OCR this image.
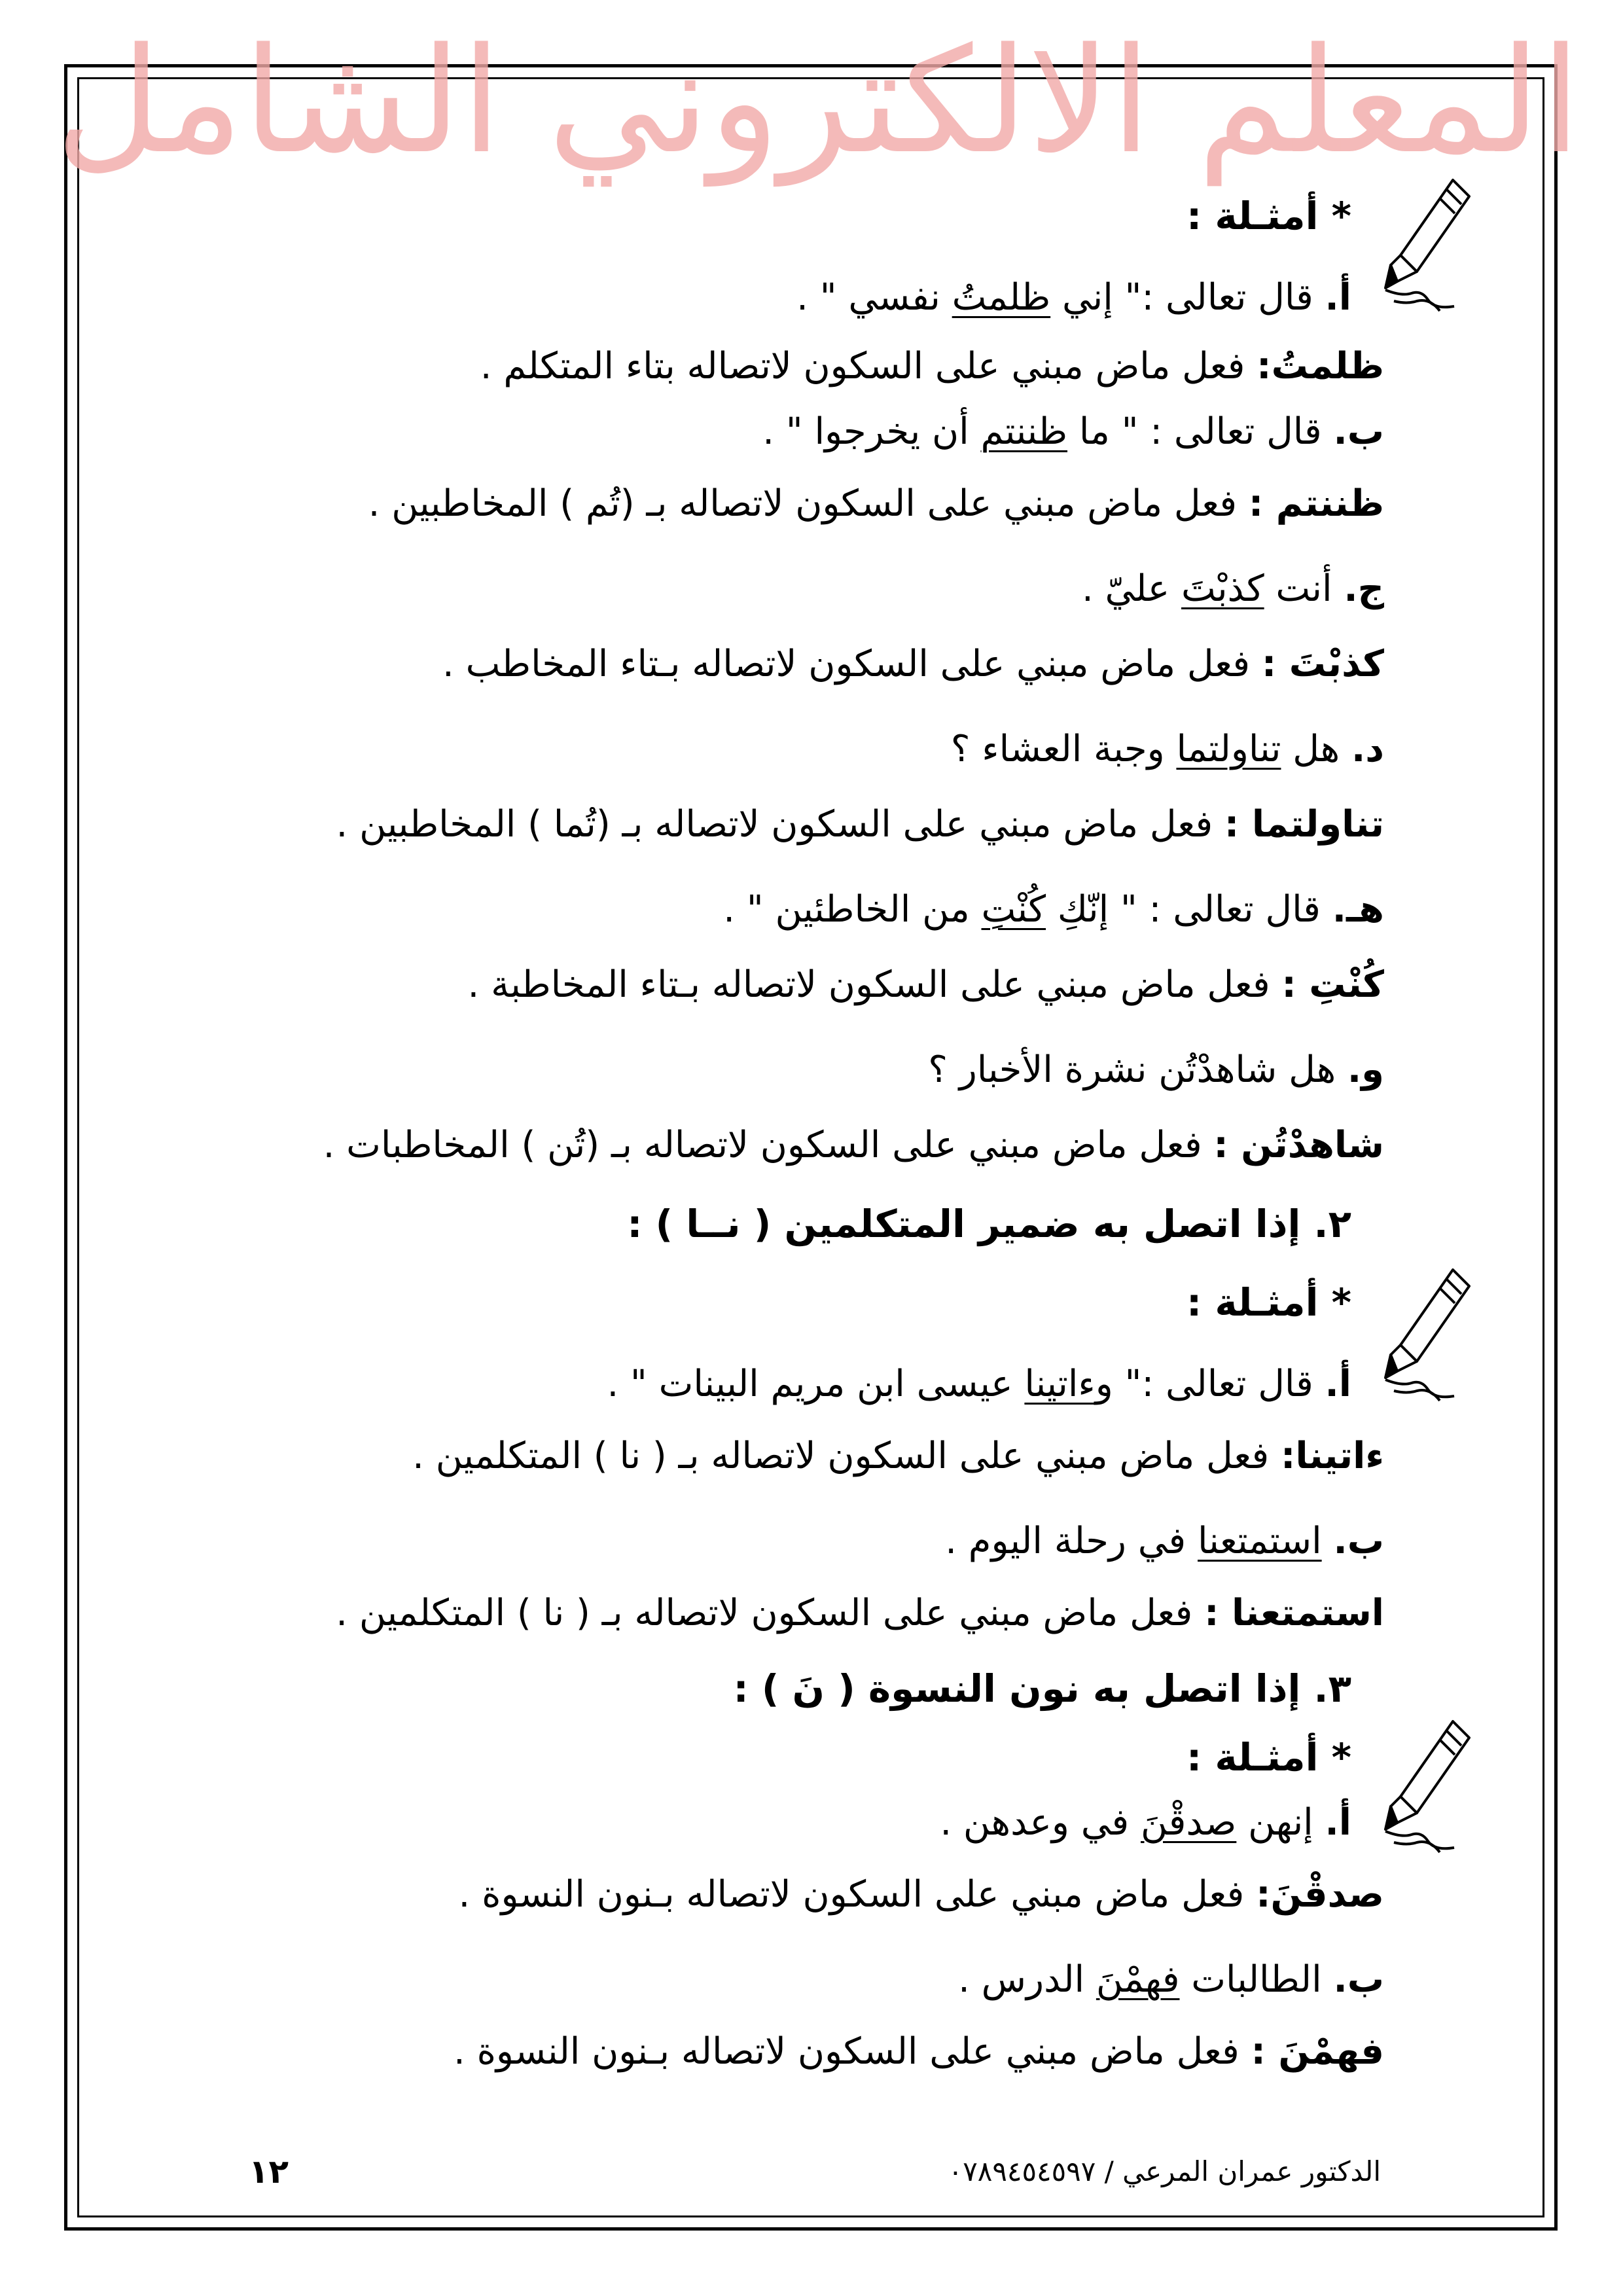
المعلم الالكتروني الشامل
* أمثـلة :
أ. قال تعالى :" إني ظلمتُ نفسي " .
ظلمتُ: فعل ماض مبني على السكون لاتصاله بتاء المتكلم .
ب. قال تعالى : " ما ظننتم أن يخرجوا " .
ظننتم : فعل ماض مبني على السكون لاتصاله بـ (تُم ) المخاطبين .
ج. أنت كذبْتَ عليّ .
كذبْتَ : فعل ماض مبني على السكون لاتصاله بـتاء المخاطب .
د. هل تناولتما وجبة العشاء ؟
تناولتما : فعل ماض مبني على السكون لاتصاله بـ (تُما ) المخاطبين .
هـ. قال تعالى : " إنّكِ كُنْتِ من الخاطئين " .
كُنْتِ : فعل ماض مبني على السكون لاتصاله بـتاء المخاطبة .
و. هل شاهدْتُن نشرة الأخبار ؟
شاهدْتُن : فعل ماض مبني على السكون لاتصاله بـ (تُن ) المخاطبات .
٢. إذا اتصل به ضمير المتكلمين ( نــا ) :
* أمثـلة :
أ. قال تعالى :" وءاتينا عيسى ابن مريم البينات " .
ءاتينا: فعل ماض مبني على السكون لاتصاله بـ ( نا ) المتكلمين .
ب. استمتعنا في رحلة اليوم .
استمتعنا : فعل ماض مبني على السكون لاتصاله بـ ( نا ) المتكلمين .
٣. إذا اتصل به نون النسوة ( نَ ) :
* أمثـلة :
أ. إنهن صدقْنَ في وعدهن .
صدقْنَ: فعل ماض مبني على السكون لاتصاله بـنون النسوة .
ب. الطالبات فهمْنَ الدرس .
فهمْنَ : فعل ماض مبني على السكون لاتصاله بـنون النسوة .
الدكتور عمران المرعي / ٠٧٨٩٤٥٤٥٩٧
١٢
